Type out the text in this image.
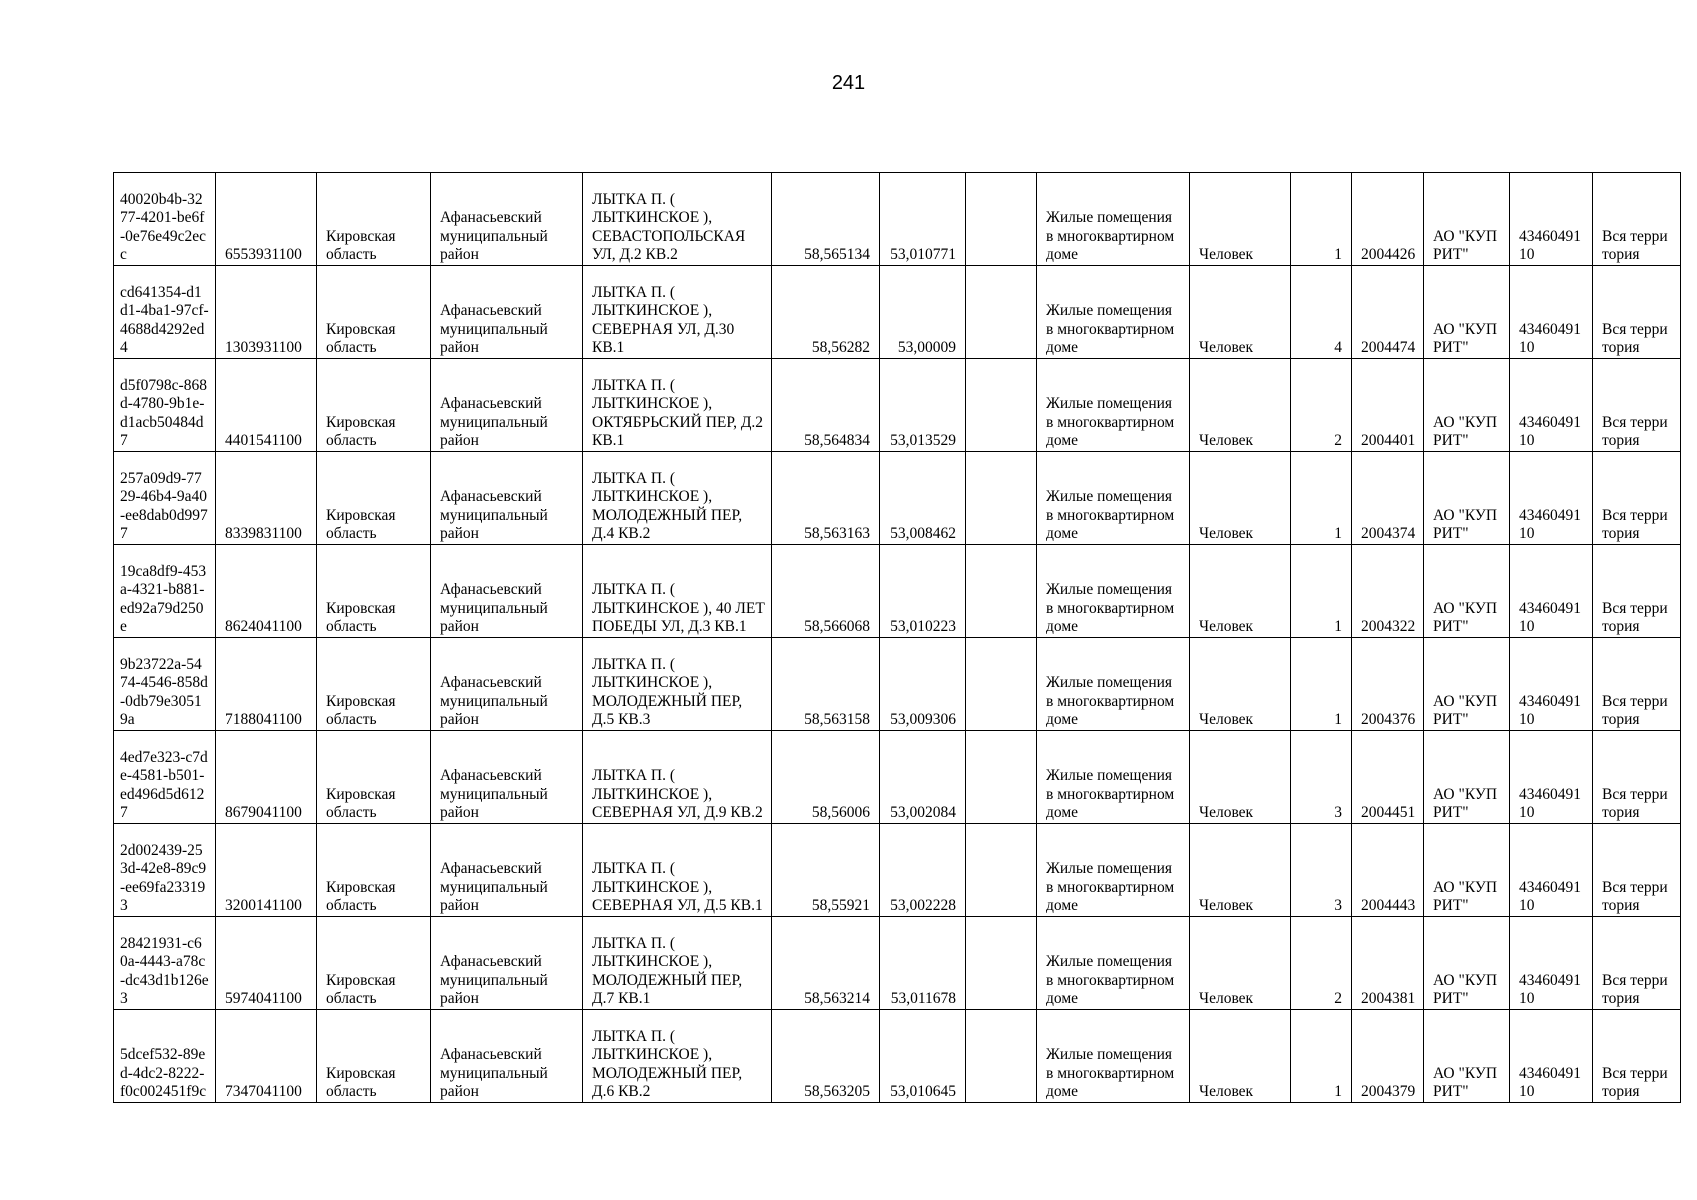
241
40020b4b-3277-4201-be6f-0e76e49c2ecc	6553931100	Кировская область	Афанасьевский муниципальный район	ЛЫТКА П. ( ЛЫТКИНСКОЕ ), СЕВАСТОПОЛЬСКАЯ УЛ, Д.2 КВ.2	58,565134	53,010771		Жилые помещения в многоквартирном доме	Человек	1	2004426	АО "КУПРИТ"	4346049110	Вся территория
cd641354-d1d1-4ba1-97cf-4688d4292ed4	1303931100	Кировская область	Афанасьевский муниципальный район	ЛЫТКА П. ( ЛЫТКИНСКОЕ ), СЕВЕРНАЯ УЛ, Д.30 КВ.1	58,56282	53,00009		Жилые помещения в многоквартирном доме	Человек	4	2004474	АО "КУПРИТ"	4346049110	Вся территория
d5f0798c-868d-4780-9b1e-d1acb50484d7	4401541100	Кировская область	Афанасьевский муниципальный район	ЛЫТКА П. ( ЛЫТКИНСКОЕ ), ОКТЯБРЬСКИЙ ПЕР, Д.2 КВ.1	58,564834	53,013529		Жилые помещения в многоквартирном доме	Человек	2	2004401	АО "КУПРИТ"	4346049110	Вся территория
257a09d9-7729-46b4-9a40-ee8dab0d9977	8339831100	Кировская область	Афанасьевский муниципальный район	ЛЫТКА П. ( ЛЫТКИНСКОЕ ), МОЛОДЕЖНЫЙ ПЕР, Д.4 КВ.2	58,563163	53,008462		Жилые помещения в многоквартирном доме	Человек	1	2004374	АО "КУПРИТ"	4346049110	Вся территория
19ca8df9-453a-4321-b881-ed92a79d250e	8624041100	Кировская область	Афанасьевский муниципальный район	ЛЫТКА П. ( ЛЫТКИНСКОЕ ), 40 ЛЕТ ПОБЕДЫ УЛ, Д.3 КВ.1	58,566068	53,010223		Жилые помещения в многоквартирном доме	Человек	1	2004322	АО "КУПРИТ"	4346049110	Вся территория
9b23722a-5474-4546-858d-0db79e30519a	7188041100	Кировская область	Афанасьевский муниципальный район	ЛЫТКА П. ( ЛЫТКИНСКОЕ ), МОЛОДЕЖНЫЙ ПЕР, Д.5 КВ.3	58,563158	53,009306		Жилые помещения в многоквартирном доме	Человек	1	2004376	АО "КУПРИТ"	4346049110	Вся территория
4ed7e323-c7de-4581-b501-ed496d5d6127	8679041100	Кировская область	Афанасьевский муниципальный район	ЛЫТКА П. ( ЛЫТКИНСКОЕ ), СЕВЕРНАЯ УЛ, Д.9 КВ.2	58,56006	53,002084		Жилые помещения в многоквартирном доме	Человек	3	2004451	АО "КУПРИТ"	4346049110	Вся территория
2d002439-253d-42e8-89c9-ee69fa233193	3200141100	Кировская область	Афанасьевский муниципальный район	ЛЫТКА П. ( ЛЫТКИНСКОЕ ), СЕВЕРНАЯ УЛ, Д.5 КВ.1	58,55921	53,002228		Жилые помещения в многоквартирном доме	Человек	3	2004443	АО "КУПРИТ"	4346049110	Вся территория
28421931-c60a-4443-a78c-dc43d1b126e3	5974041100	Кировская область	Афанасьевский муниципальный район	ЛЫТКА П. ( ЛЫТКИНСКОЕ ), МОЛОДЕЖНЫЙ ПЕР, Д.7 КВ.1	58,563214	53,011678		Жилые помещения в многоквартирном доме	Человек	2	2004381	АО "КУПРИТ"	4346049110	Вся территория
5dcef532-89ed-4dc2-8222-f0c002451f9c	7347041100	Кировская область	Афанасьевский муниципальный район	ЛЫТКА П. ( ЛЫТКИНСКОЕ ), МОЛОДЕЖНЫЙ ПЕР, Д.6 КВ.2	58,563205	53,010645		Жилые помещения в многоквартирном доме	Человек	1	2004379	АО "КУПРИТ"	4346049110	Вся территория
